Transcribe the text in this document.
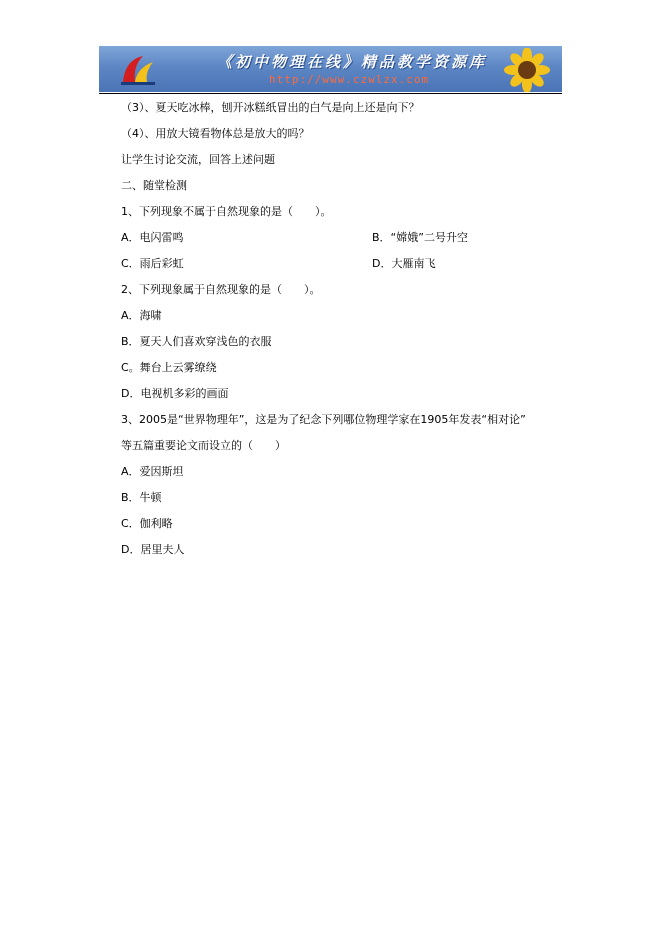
《初中物理在线》精品教学资源库
http://www.czwlzx.com
（3）、夏天吃冰棒，刨开冰糕纸冒出的白气是向上还是向下？
（4）、用放大镜看物体总是放大的吗？
让学生讨论交流，回答上述问题
二、随堂检测
1、下列现象不属于自然现象的是（　　）。
A．电闪雷鸣	B．“嫦娥”二号升空
C．雨后彩虹	D．大雁南飞
2、下列现象属于自然现象的是（　　）。
A．海啸
B．夏天人们喜欢穿浅色的衣服
C。舞台上云雾缭绕
D．电视机多彩的画面
3、2005是“世界物理年”，这是为了纪念下列哪位物理学家在1905年发表“相对论”
等五篇重要论文而设立的（　　）
A．爱因斯坦
B．牛顿
C．伽利略
D．居里夫人
